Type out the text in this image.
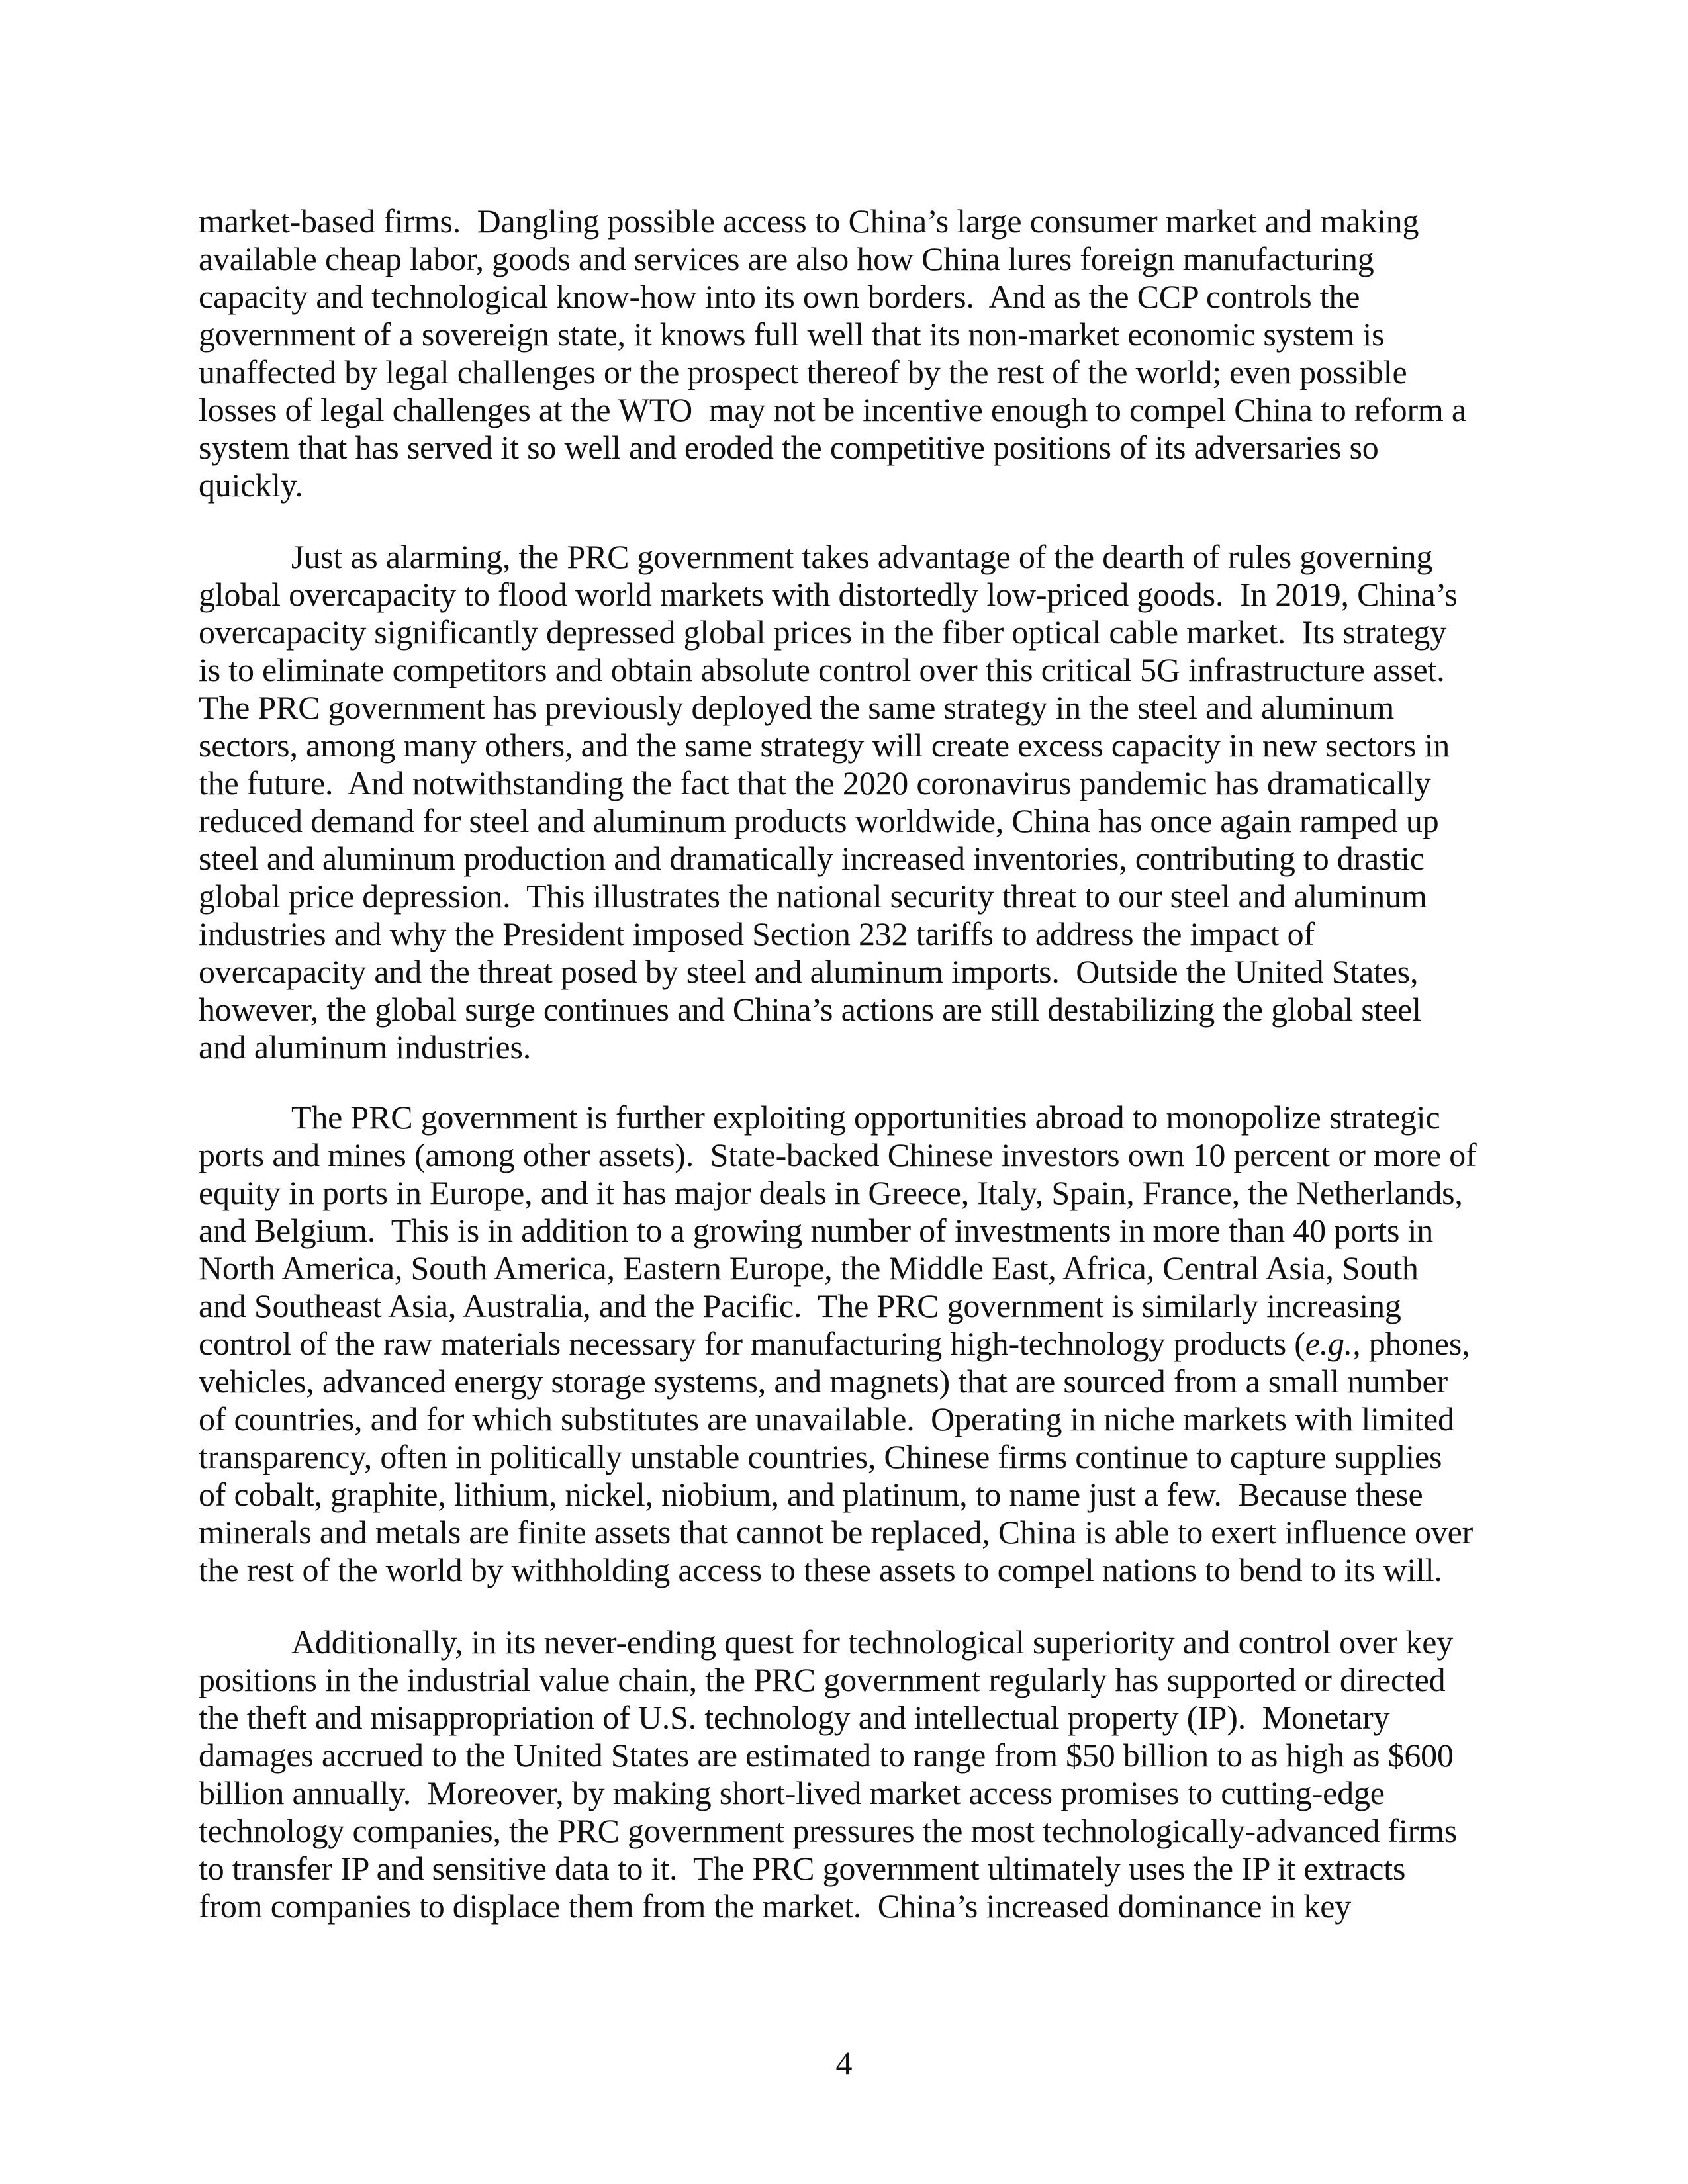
market-based firms.  Dangling possible access to China’s large consumer market and making
available cheap labor, goods and services are also how China lures foreign manufacturing
capacity and technological know-how into its own borders.  And as the CCP controls the
government of a sovereign state, it knows full well that its non-market economic system is
unaffected by legal challenges or the prospect thereof by the rest of the world; even possible
losses of legal challenges at the WTO  may not be incentive enough to compel China to reform a
system that has served it so well and eroded the competitive positions of its adversaries so
quickly.
Just as alarming, the PRC government takes advantage of the dearth of rules governing
global overcapacity to flood world markets with distortedly low-priced goods.  In 2019, China’s
overcapacity significantly depressed global prices in the fiber optical cable market.  Its strategy
is to eliminate competitors and obtain absolute control over this critical 5G infrastructure asset.
The PRC government has previously deployed the same strategy in the steel and aluminum
sectors, among many others, and the same strategy will create excess capacity in new sectors in
the future.  And notwithstanding the fact that the 2020 coronavirus pandemic has dramatically
reduced demand for steel and aluminum products worldwide, China has once again ramped up
steel and aluminum production and dramatically increased inventories, contributing to drastic
global price depression.  This illustrates the national security threat to our steel and aluminum
industries and why the President imposed Section 232 tariffs to address the impact of
overcapacity and the threat posed by steel and aluminum imports.  Outside the United States,
however, the global surge continues and China’s actions are still destabilizing the global steel
and aluminum industries.
The PRC government is further exploiting opportunities abroad to monopolize strategic
ports and mines (among other assets).  State-backed Chinese investors own 10 percent or more of
equity in ports in Europe, and it has major deals in Greece, Italy, Spain, France, the Netherlands,
and Belgium.  This is in addition to a growing number of investments in more than 40 ports in
North America, South America, Eastern Europe, the Middle East, Africa, Central Asia, South
and Southeast Asia, Australia, and the Pacific.  The PRC government is similarly increasing
control of the raw materials necessary for manufacturing high-technology products (e.g., phones,
vehicles, advanced energy storage systems, and magnets) that are sourced from a small number
of countries, and for which substitutes are unavailable.  Operating in niche markets with limited
transparency, often in politically unstable countries, Chinese firms continue to capture supplies
of cobalt, graphite, lithium, nickel, niobium, and platinum, to name just a few.  Because these
minerals and metals are finite assets that cannot be replaced, China is able to exert influence over
the rest of the world by withholding access to these assets to compel nations to bend to its will.
Additionally, in its never-ending quest for technological superiority and control over key
positions in the industrial value chain, the PRC government regularly has supported or directed
the theft and misappropriation of U.S. technology and intellectual property (IP).  Monetary
damages accrued to the United States are estimated to range from $50 billion to as high as $600
billion annually.  Moreover, by making short-lived market access promises to cutting-edge
technology companies, the PRC government pressures the most technologically-advanced firms
to transfer IP and sensitive data to it.  The PRC government ultimately uses the IP it extracts
from companies to displace them from the market.  China’s increased dominance in key
4
